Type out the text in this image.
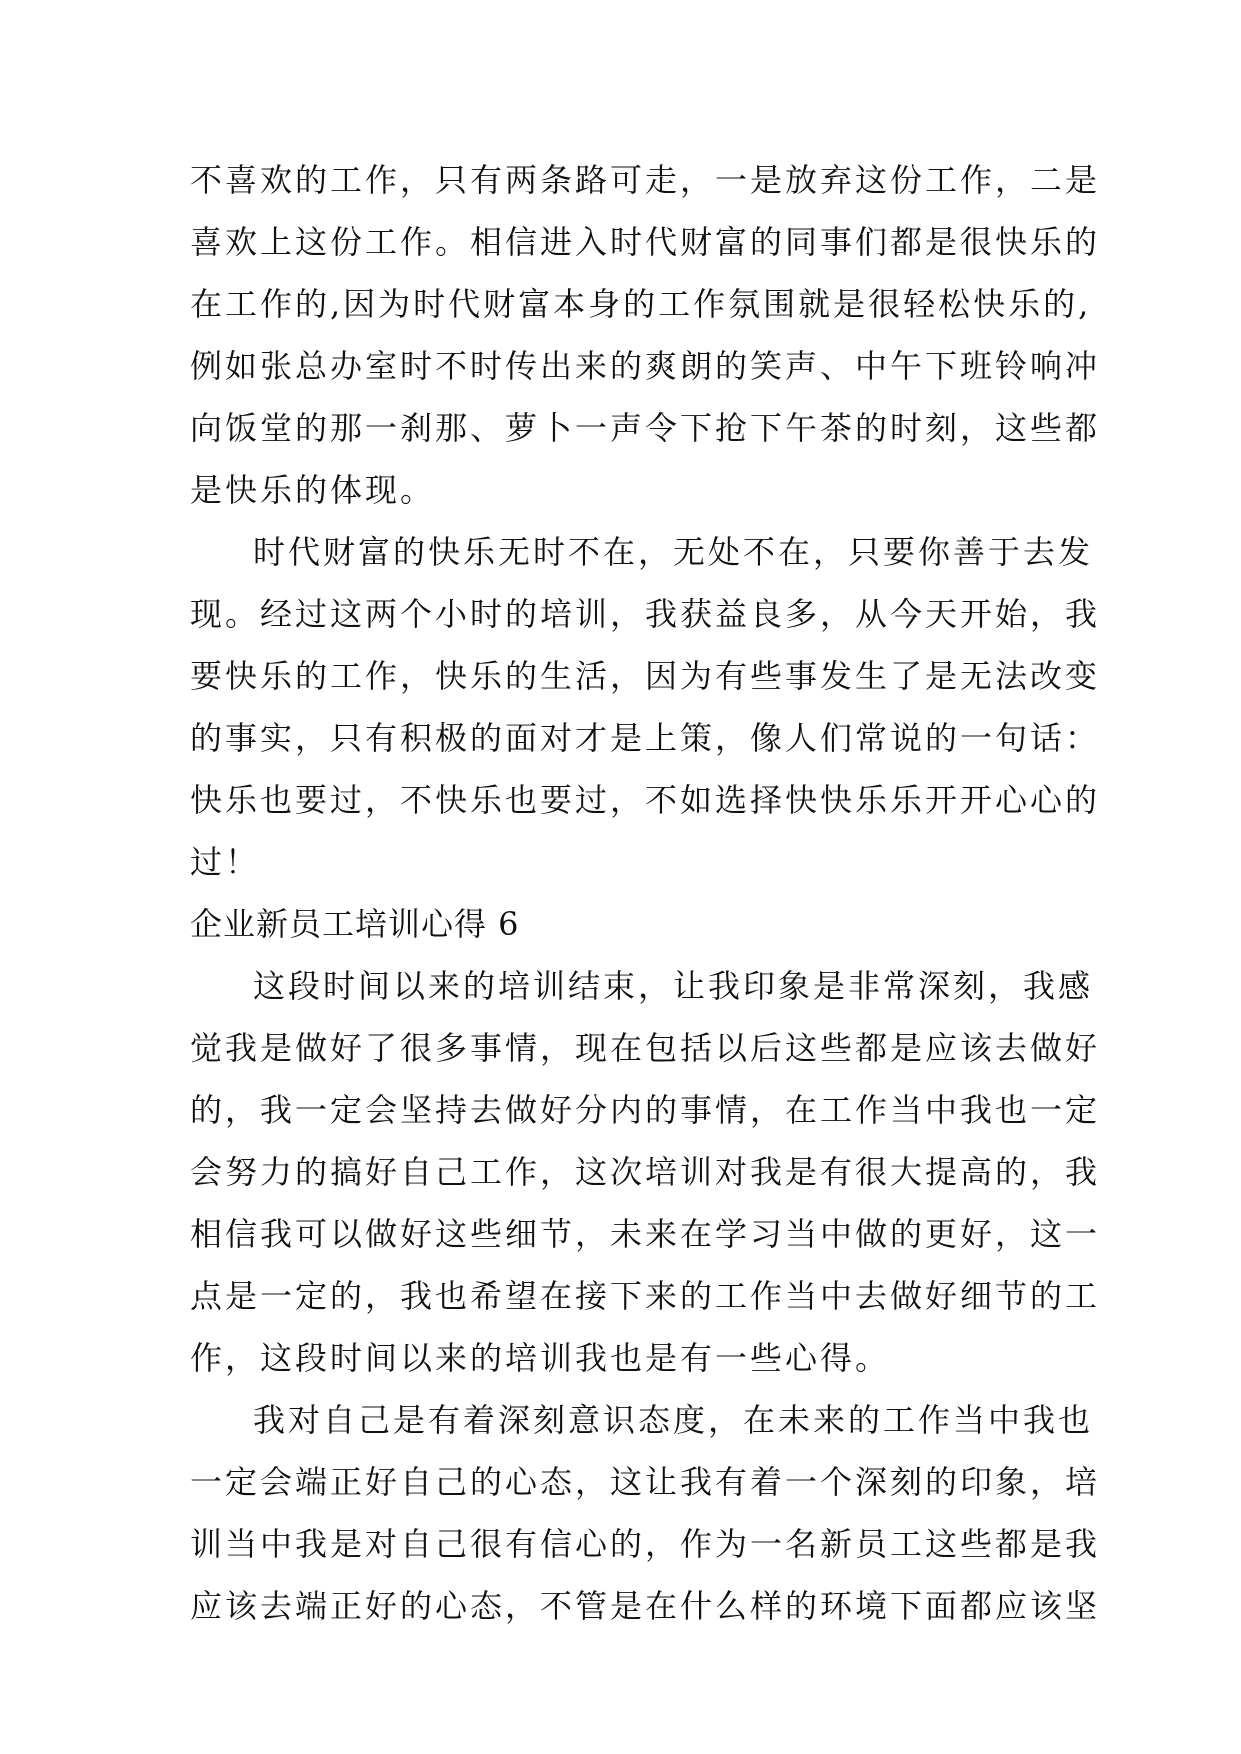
不喜欢的工作，只有两条路可走，一是放弃这份工作，二是

喜欢上这份工作。相信进入时代财富的同事们都是很快乐的

在工作的,因为时代财富本身的工作氛围就是很轻松快乐的,

例如张总办室时不时传出来的爽朗的笑声、中午下班铃响冲

向饭堂的那一刹那、萝卜一声令下抢下午茶的时刻，这些都

是快乐的体现。

时代财富的快乐无时不在，无处不在，只要你善于去发

现。经过这两个小时的培训，我获益良多，从今天开始，我

要快乐的工作，快乐的生活，因为有些事发生了是无法改变

的事实，只有积极的面对才是上策，像人们常说的一句话：

快乐也要过，不快乐也要过，不如选择快快乐乐开开心心的

过！

企业新员工培训心得 6

这段时间以来的培训结束，让我印象是非常深刻，我感

觉我是做好了很多事情，现在包括以后这些都是应该去做好

的，我一定会坚持去做好分内的事情，在工作当中我也一定

会努力的搞好自己工作，这次培训对我是有很大提高的，我

相信我可以做好这些细节，未来在学习当中做的更好，这一

点是一定的，我也希望在接下来的工作当中去做好细节的工

作，这段时间以来的培训我也是有一些心得。

我对自己是有着深刻意识态度，在未来的工作当中我也

一定会端正好自己的心态，这让我有着一个深刻的印象，培

训当中我是对自己很有信心的，作为一名新员工这些都是我

应该去端正好的心态，不管是在什么样的环境下面都应该坚
